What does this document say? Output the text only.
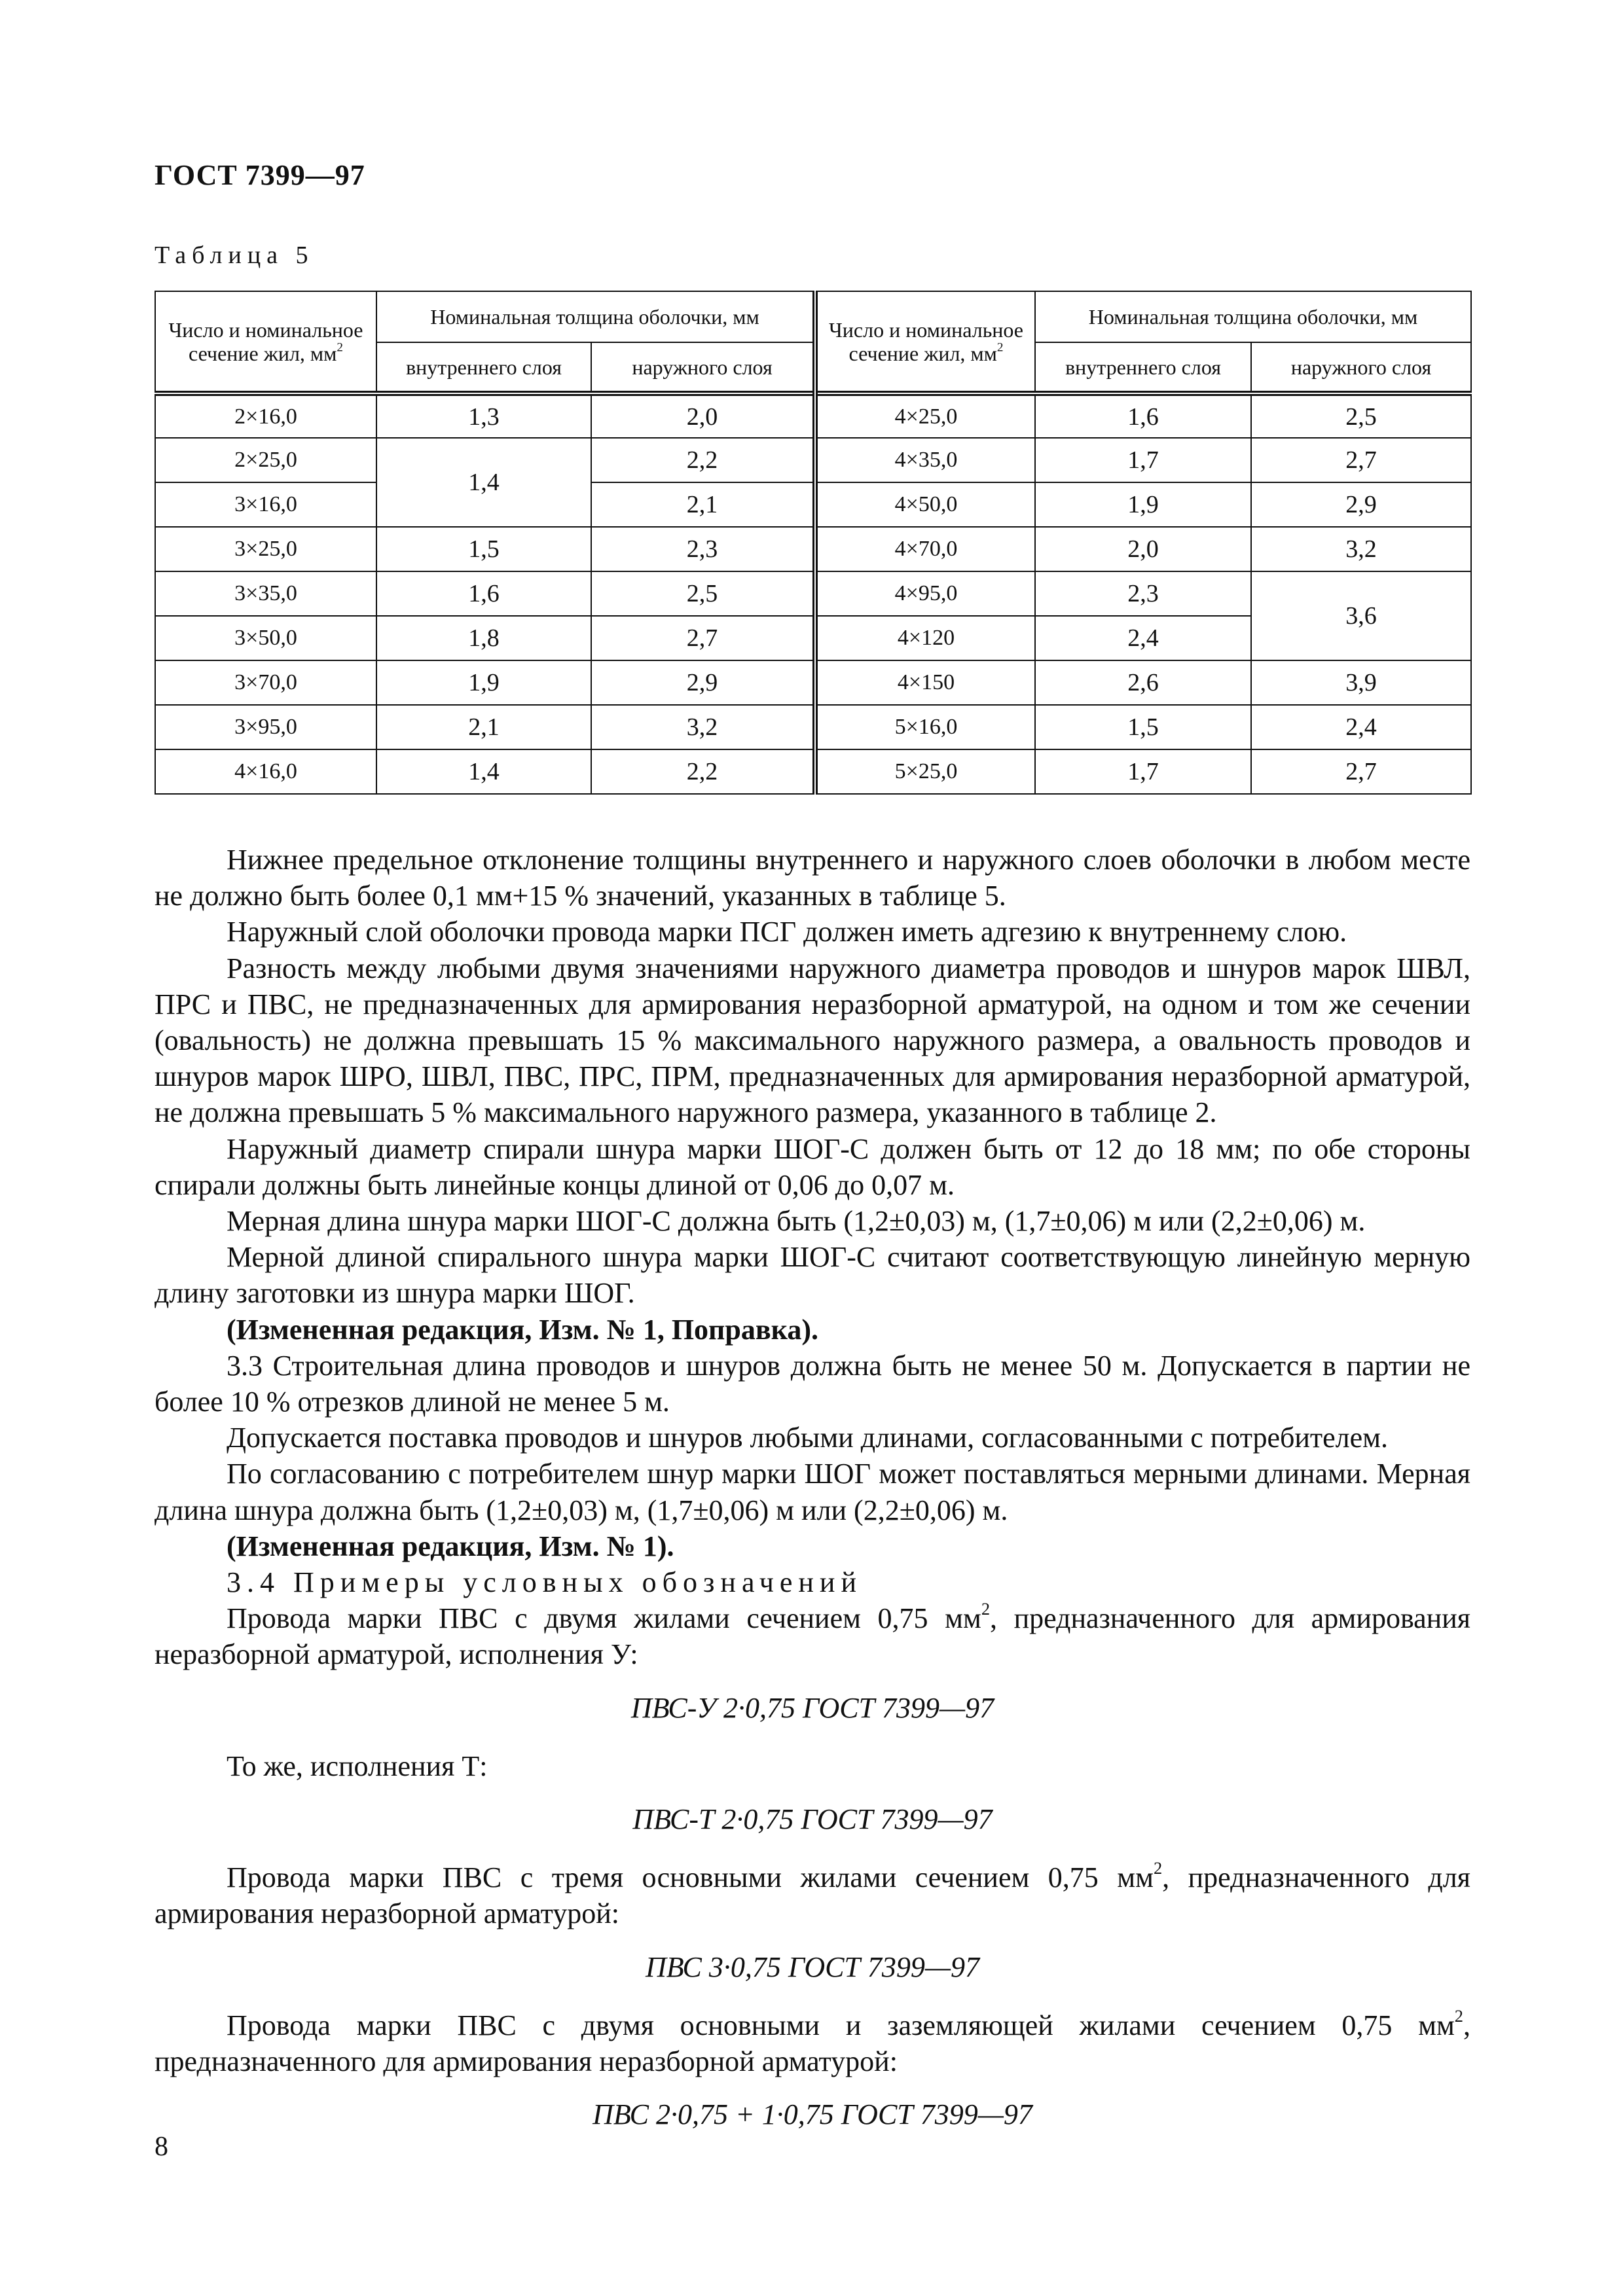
ГОСТ 7399—97
Таблица 5
Число и номинальное сечение жил, $мм^2$	Номинальная толщина оболочки, мм		Число и номинальное сечение жил, $мм^2$	Номинальная толщина оболочки, мм	
	внутреннего слоя	наружного слоя		внутреннего слоя	наружного слоя
2×16,0	1,3	2,0	4×25,0	1,6	2,5
2×25,0	1,4	2,2	4×35,0	1,7	2,7
3×16,0		2,1	4×50,0	1,9	2,9
3×25,0	1,5	2,3	4×70,0	2,0	3,2
3×35,0	1,6	2,5	4×95,0	2,3	3,6
3×50,0	1,8	2,7	4×120	2,4	
3×70,0	1,9	2,9	4×150	2,6	3,9
3×95,0	2,1	3,2	5×16,0	1,5	2,4
4×16,0	1,4	2,2	5×25,0	1,7	2,7

Нижнее предельное отклонение толщины внутреннего и наружного слоев оболочки в любом месте не должно быть более 0,1 мм+15 % значений, указанных в таблице 5.

Наружный слой оболочки провода марки ПСГ должен иметь адгезию к внутреннему слою.

Разность между любыми двумя значениями наружного диаметра проводов и шнуров марок ШВЛ, ПРС и ПВС, не предназначенных для армирования неразборной арматурой, на одном и том же сечении (овальность) не должна превышать 15 % максимального наружного размера, а овальность проводов и шнуров марок ШРО, ШВЛ, ПВС, ПРС, ПРМ, предназначенных для армирования неразборной арматурой, не должна превышать 5 % максимального наружного размера, указанного в таблице 2.

Наружный диаметр спирали шнура марки ШОГ-С должен быть от 12 до 18 мм; по обе стороны спирали должны быть линейные концы длиной от 0,06 до 0,07 м.

Мерная длина шнура марки ШОГ-С должна быть (1,2±0,03) м, (1,7±0,06) м или (2,2±0,06) м.

Мерной длиной спирального шнура марки ШОГ-С считают соответствующую линейную мерную длину заготовки из шнура марки ШОГ.

(Измененная редакция, Изм. № 1, Поправка).

3.3 Строительная длина проводов и шнуров должна быть не менее 50 м. Допускается в партии не более 10 % отрезков длиной не менее 5 м.

Допускается поставка проводов и шнуров любыми длинами, согласованными с потребителем.

По согласованию с потребителем шнур марки ШОГ может поставляться мерными длинами. Мерная длина шнура должна быть (1,2±0,03) м, (1,7±0,06) м или (2,2±0,06) м.

(Измененная редакция, Изм. № 1).

3.4 Примеры условных обозначений

Провода марки ПВС с двумя жилами сечением 0,75 $мм^2$, предназначенного для армирования неразборной арматурой, исполнения У:

ПВС-У 2·0,75 ГОСТ 7399—97

То же, исполнения Т:

ПВС-Т 2·0,75 ГОСТ 7399—97

Провода марки ПВС с тремя основными жилами сечением 0,75 $мм^2$, предназначенного для армирования неразборной арматурой:

ПВС 3·0,75 ГОСТ 7399—97

Провода марки ПВС с двумя основными и заземляющей жилами сечением 0,75 $мм^2$, предназначенного для армирования неразборной арматурой:

ПВС 2·0,75 + 1·0,75 ГОСТ 7399—97

8
